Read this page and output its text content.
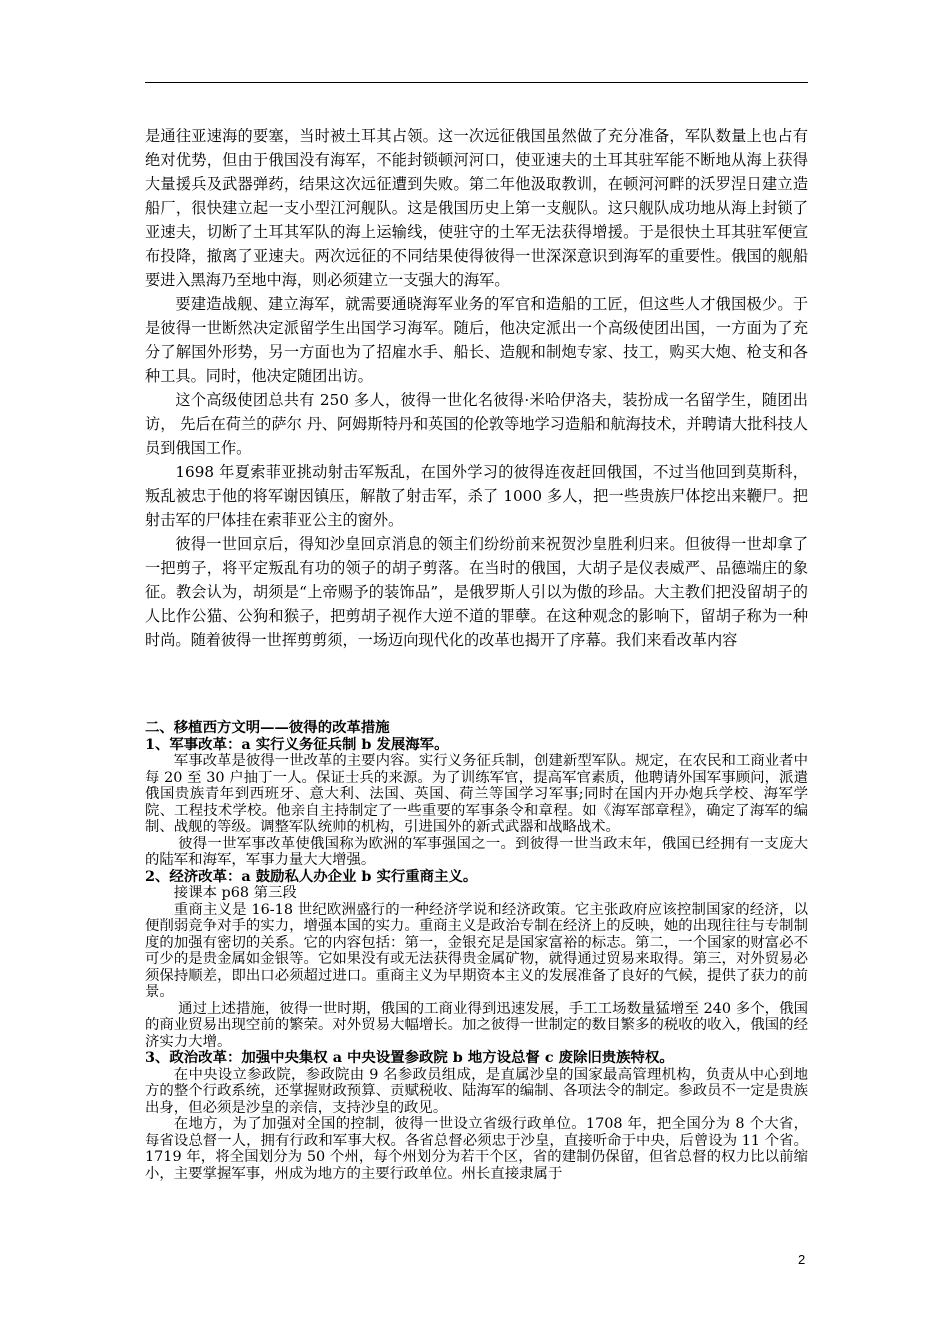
是通往亚速海的要塞，当时被土耳其占领。这一次远征俄国虽然做了充分准备，军队数量上也占有绝对优势，但由于俄国没有海军，不能封锁顿河河口，使亚速夫的土耳其驻军能不断地从海上获得大量援兵及武器弹药，结果这次远征遭到失败。第二年他汲取教训，在顿河河畔的沃罗涅日建立造船厂，很快建立起一支小型江河舰队。这是俄国历史上第一支舰队。这只舰队成功地从海上封锁了亚速夫，切断了土耳其军队的海上运输线，使驻守的土军无法获得增援。于是很快土耳其驻军便宣布投降，撤离了亚速夫。两次远征的不同结果使得彼得一世深深意识到海军的重要性。俄国的舰船要进入黑海乃至地中海，则必须建立一支强大的海军。

要建造战舰、建立海军，就需要通晓海军业务的军官和造船的工匠，但这些人才俄国极少。于是彼得一世断然决定派留学生出国学习海军。随后，他决定派出一个高级使团出国，一方面为了充分了解国外形势，另一方面也为了招雇水手、船长、造舰和制炮专家、技工，购买大炮、枪支和各种工具。同时，他决定随团出访。

这个高级使团总共有 250 多人，彼得一世化名彼得·米哈伊洛夫，装扮成一名留学生，随团出访， 先后在荷兰的萨尔 丹、阿姆斯特丹和英国的伦敦等地学习造船和航海技术，并聘请大批科技人员到俄国工作。

1698 年夏索菲亚挑动射击军叛乱，在国外学习的彼得连夜赶回俄国，不过当他回到莫斯科，叛乱被忠于他的将军谢因镇压，解散了射击军，杀了 1000 多人，把一些贵族尸体挖出来鞭尸。把射击军的尸体挂在索菲亚公主的窗外。

彼得一世回京后，得知沙皇回京消息的领主们纷纷前来祝贺沙皇胜利归来。但彼得一世却拿了一把剪子，将平定叛乱有功的领子的胡子剪落。在当时的俄国，大胡子是仪表威严、品德端庄的象征。教会认为，胡须是“上帝赐予的装饰品”，是俄罗斯人引以为傲的珍品。大主教们把没留胡子的人比作公猫、公狗和猴子，把剪胡子视作大逆不道的罪孽。在这种观念的影响下，留胡子称为一种时尚。随着彼得一世挥剪剪须，一场迈向现代化的改革也揭开了序幕。我们来看改革内容

二、移植西方文明——彼得的改革措施

1、军事改革：a 实行义务征兵制 b 发展海军。

军事改革是彼得一世改革的主要内容。实行义务征兵制，创建新型军队。规定，在农民和工商业者中每 20 至 30 户抽丁一人。保证士兵的来源。为了训练军官，提高军官素质，他聘请外国军事顾问，派遣俄国贵族青年到西班牙、意大利、法国、英国、荷兰等国学习军事;同时在国内开办炮兵学校、海军学院、工程技术学校。他亲自主持制定了一些重要的军事条令和章程。如《海军部章程》，确定了海军的编制、战舰的等级。调整军队统帅的机构，引进国外的新式武器和战略战术。

彼得一世军事改革使俄国称为欧洲的军事强国之一。到彼得一世当政末年，俄国已经拥有一支庞大的陆军和海军，军事力量大大增强。

2、经济改革：a 鼓励私人办企业 b 实行重商主义。

接课本 p68 第三段

重商主义是 16-18 世纪欧洲盛行的一种经济学说和经济政策。它主张政府应该控制国家的经济，以便削弱竞争对手的实力，增强本国的实力。重商主义是政治专制在经济上的反映，她的出现往往与专制制度的加强有密切的关系。它的内容包括：第一，金银充足是国家富裕的标志。第二，一个国家的财富必不可少的是贵金属如金银等。它如果没有或无法获得贵金属矿物，就得通过贸易来取得。第三，对外贸易必须保持顺差，即出口必须超过进口。重商主义为早期资本主义的发展准备了良好的气候，提供了获力的前景。

通过上述措施，彼得一世时期，俄国的工商业得到迅速发展，手工工场数量猛增至 240 多个，俄国的商业贸易出现空前的繁荣。对外贸易大幅增长。加之彼得一世制定的数目繁多的税收的收入，俄国的经济实力大增。

3、政治改革：加强中央集权 a 中央设置参政院 b 地方设总督 c 废除旧贵族特权。

在中央设立参政院，参政院由 9 名参政员组成，是直属沙皇的国家最高管理机构，负责从中心到地方的整个行政系统，还掌握财政预算、贡赋税收、陆海军的编制、各项法令的制定。参政员不一定是贵族出身，但必须是沙皇的亲信，支持沙皇的政见。

在地方，为了加强对全国的控制，彼得一世设立省级行政单位。1708 年，把全国分为 8 个大省，每省设总督一人，拥有行政和军事大权。各省总督必须忠于沙皇，直接听命于中央，后曾设为 11 个省。1719 年，将全国划分为 50 个州，每个州划分为若干个区，省的建制仍保留，但省总督的权力比以前缩小，主要掌握军事，州成为地方的主要行政单位。州长直接隶属于

2
